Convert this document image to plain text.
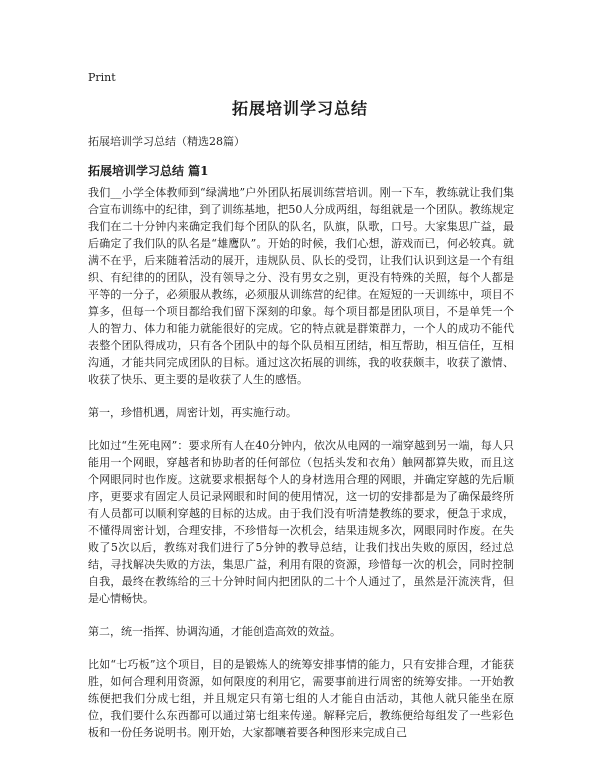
Print
拓展培训学习总结
拓展培训学习总结（精选28篇）
拓展培训学习总结 篇1

我们__小学全体教师到“绿满地”户外团队拓展训练营培训。刚一下车，教练就让我们集合宣布训练中的纪律，到了训练基地，把50人分成两组，每组就是一个团队。教练规定我们在二十分钟内来确定我们每个团队的队名，队旗，队歌，口号。大家集思广益，最后确定了我们队的队名是“雄鹰队”。开始的时候，我们心想，游戏而已，何必较真。就满不在乎，后来随着活动的展开，违规队员、队长的受罚，让我们认识到这是一个有组织、有纪律的的团队，没有领导之分、没有男女之别，更没有特殊的关照，每个人都是平等的一分子，必须服从教练，必须服从训练营的纪律。在短短的一天训练中，项目不算多，但每一个项目都给我们留下深刻的印象。每个项目都是团队项目，不是单凭一个人的智力、体力和能力就能很好的完成。它的特点就是群策群力，一个人的成功不能代表整个团队得成功，只有各个团队中的每个队员相互团结，相互帮助，相互信任，互相沟通，才能共同完成团队的目标。通过这次拓展的训练，我的收获颇丰，收获了激情、收获了快乐、更主要的是收获了人生的感悟。

第一，珍惜机遇，周密计划，再实施行动。

比如过“生死电网”：要求所有人在40分钟内，依次从电网的一端穿越到另一端，每人只能用一个网眼，穿越者和协助者的任何部位（包括头发和衣角）触网都算失败，而且这个网眼同时也作废。这就要求根据每个人的身材选用合理的网眼，并确定穿越的先后顺序，更要求有固定人员记录网眼和时间的使用情况，这一切的安排都是为了确保最终所有人员都可以顺利穿越的目标的达成。由于我们没有听清楚教练的要求，便急于求成，不懂得周密计划，合理安排，不珍惜每一次机会，结果违规多次，网眼同时作废。在失败了5次以后，教练对我们进行了5分钟的教导总结，让我们找出失败的原因，经过总结，寻找解决失败的方法，集思广益，利用有限的资源，珍惜每一次的机会，同时控制自我，最终在教练给的三十分钟时间内把团队的二十个人通过了，虽然是汗流浃背，但是心情畅快。

第二，统一指挥、协调沟通，才能创造高效的效益。

比如“七巧板”这个项目，目的是锻炼人的统筹安排事情的能力，只有安排合理，才能获胜，如何合理利用资源，如何限度的利用它，需要事前进行周密的统筹安排。一开始教练便把我们分成七组，并且规定只有第七组的人才能自由活动，其他人就只能坐在原位，我们要什么东西都可以通过第七组来传递。解释完后，教练便给每组发了一些彩色板和一份任务说明书。刚开始，大家都嚷着要各种图形来完成自己
